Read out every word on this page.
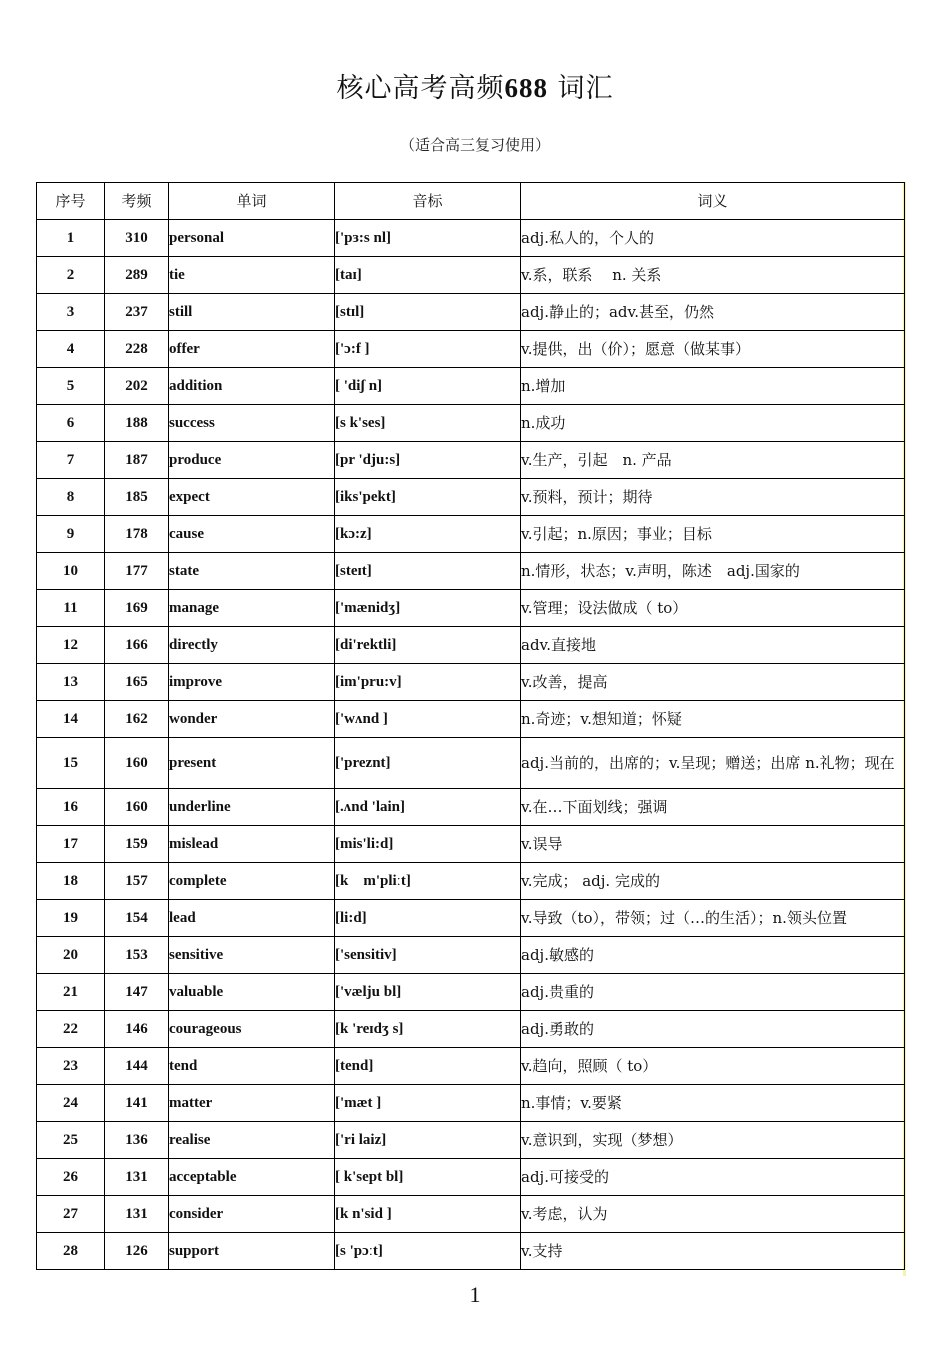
核心高考高频688 词汇
（适合高三复习使用）
序号	考频	单词	音标	词义
1	310	personal	['pɜ:s nl]	adj.私人的，个人的
2	289	tie	[taɪ]	v.系，联系　 n. 关系
3	237	still	[stɪl]	adj.静止的；adv.甚至，仍然
4	228	offer	['ɔ:f ]	v.提供，出（价）；愿意（做某事）
5	202	addition	[ 'diʃ n]	n.增加
6	188	success	[s k'ses]	n.成功
7	187	produce	[pr 'dju:s]	v.生产，引起　n. 产品
8	185	expect	[iks'pekt]	v.预料，预计；期待
9	178	cause	[kɔ:z]	v.引起；n.原因；事业；目标
10	177	state	[steɪt]	n.情形，状态；v.声明，陈述　adj.国家的
11	169	manage	['mænidʒ]	v.管理；设法做成（ to）
12	166	directly	[di'rektli]	adv.直接地
13	165	improve	[im'pru:v]	v.改善，提高
14	162	wonder	['wʌnd ]	n.奇迹；v.想知道；怀疑
15	160	present	['preznt]	adj.当前的，出席的；v.呈现；赠送；出席 n.礼物；现在
16	160	underline	[.ʌnd 'lain]	v.在…下面划线；强调
17	159	mislead	[mis'li:d]	v.误导
18	157	complete	[k　m'pliːt]	v.完成； adj. 完成的
19	154	lead	[li:d]	v.导致（to），带领；过（…的生活）；n.领头位置
20	153	sensitive	['sensitiv]	adj.敏感的
21	147	valuable	['vælju bl]	adj.贵重的
22	146	courageous	[k 'reɪdʒ s]	adj.勇敢的
23	144	tend	[tend]	v.趋向，照顾（ to）
24	141	matter	['mæt ]	n.事情；v.要紧
25	136	realise	['ri laiz]	v.意识到，实现（梦想）
26	131	acceptable	[ k'sept bl]	adj.可接受的
27	131	consider	[k n'sid ]	v.考虑，认为
28	126	support	[s 'pɔːt]	v.支持
1
